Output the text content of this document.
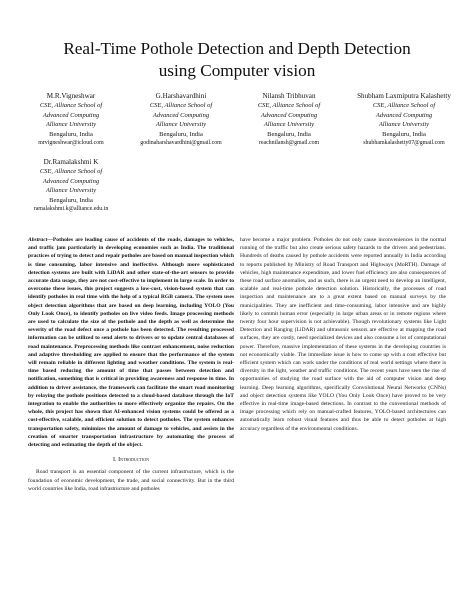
Real-Time Pothole Detection and Depth Detection
using Computer vision
M.R.Vigneshwar
CSE, Alliance School of
Advanced Computing
Alliance University
Bengaluru, India
mrvigneshwar@icloud.com
G.Harshavardhini
CSE, Alliance School of
Advanced Computing
Alliance University
Bengaluru, India
godinaharshavardhini@gmail.com
Nilansh Tribhuvan
CSE, Alliance School of
Advanced Computing
Alliance University
Bengaluru, India
reachnilansh@gmail.com
Shubham Laxmiputra Kalashetty
CSE, Alliance School of
Advanced Computing
Alliance University
Bengaluru, India
shubhamkalashetty07@gmail.com
Dr.Ramalakshmi K
CSE, Alliance School of
Advanced Computing
Alliance University
Bengaluru, India
ramalakshmi.k@alliance.edu.in

Abstract—Potholes are leading cause of accidents of the roads, damages to vehicles, and traffic jam particularly in developing economies such as India. The traditional practices of trying to detect and repair potholes are based on manual inspection which is time consuming, labor intensive and ineffective. Although more sophisticated detection systems are built with LiDAR and other state-of-the-art sensors to provide accurate data usage, they are not cost-effective to implement in large scale. In order to overcome these issues, this project suggests a low-cost, vision-based system that can identify potholes in real time with the help of a typical RGB camera. The system uses object detection algorithms that are based on deep learning, including YOLO (You Only Look Once), to identify potholes on live video feeds. Image processing methods are used to calculate the size of the pothole and the depth as well as determine the severity of the road defect once a pothole has been detected. The resulting processed information can be utilized to send alerts to drivers or to update central databases of road maintenance. Preprocessing methods like contrast enhancement, noise reduction and adaptive thresholding are applied to ensure that the performance of the system will remain reliable in different lighting and weather conditions. The system is real-time based reducing the amount of time that passes between detection and notification, something that is critical in providing awareness and response in time. In addition to driver assistance, the framework can facilitate the smart road monitoring by relaying the pothole positions detected to a cloud-based database through the IoT integration to enable the authorities to more effectively organize the repairs. On the whole, this project has shown that AI-enhanced vision systems could be offered as a cost-effective, scalable, and efficient solution to detect potholes. The system enhances transportation safety, minimizes the amount of damage to vehicles, and assists in the creation of smarter transportation infrastructure by automating the process of detecting and estimating the depth of the object.

I. Introduction

Road transport is an essential component of the current infrastructure, which is the foundation of economic development, the trade, and social connectivity. But in the third world countries like India, road infrastructure and potholes

have become a major problem. Potholes do not only cause inconveniences in the normal running of the traffic but also create serious safety hazards to the drivers and pedestrians. Hundreds of deaths caused by pothole accidents were reported annually in India according to reports published by Ministry of Road Transport and Highways (MoRTH). Damage of vehicles, high maintenance expenditure, and lower fuel efficiency are also consequences of these road surface anomalies, and as such, there is an urgent need to develop an intelligent, scalable and real-time pothole detection solution. Historically, the processes of road inspection and maintenance are to a great extent based on manual surveys by the municipalities. They are inefficient and time-consuming, labor intensive and are highly likely to commit human error (especially in large urban areas or in remote regions where twenty four hour supervision is not achievable). Though revolutionary systems like Light Detection and Ranging (LiDAR) and ultrasonic sensors are effective at mapping the road surfaces, they are costly, need specialized devices and also consume a lot of computational power. Therefore, massive implementation of these systems in the developing countries is not economically viable. The immediate issue is how to come up with a cost effective but efficient system which can work under the conditions of real world settings where there is diversity in the light, weather and traffic conditions. The recent years have seen the rise of opportunities of studying the road surface with the aid of computer vision and deep learning. Deep learning algorithms, specifically Convolutional Neural Networks (CNNs) and object detection systems like YOLO (You Only Look Once) have proved to be very effective in real-time image-based detections. In contrast to the conventional methods of image processing which rely on manual-crafted features, YOLO-based architectures can automatically learn robust visual features and thus be able to detect potholes at high accuracy regardless of the environmental conditions.
